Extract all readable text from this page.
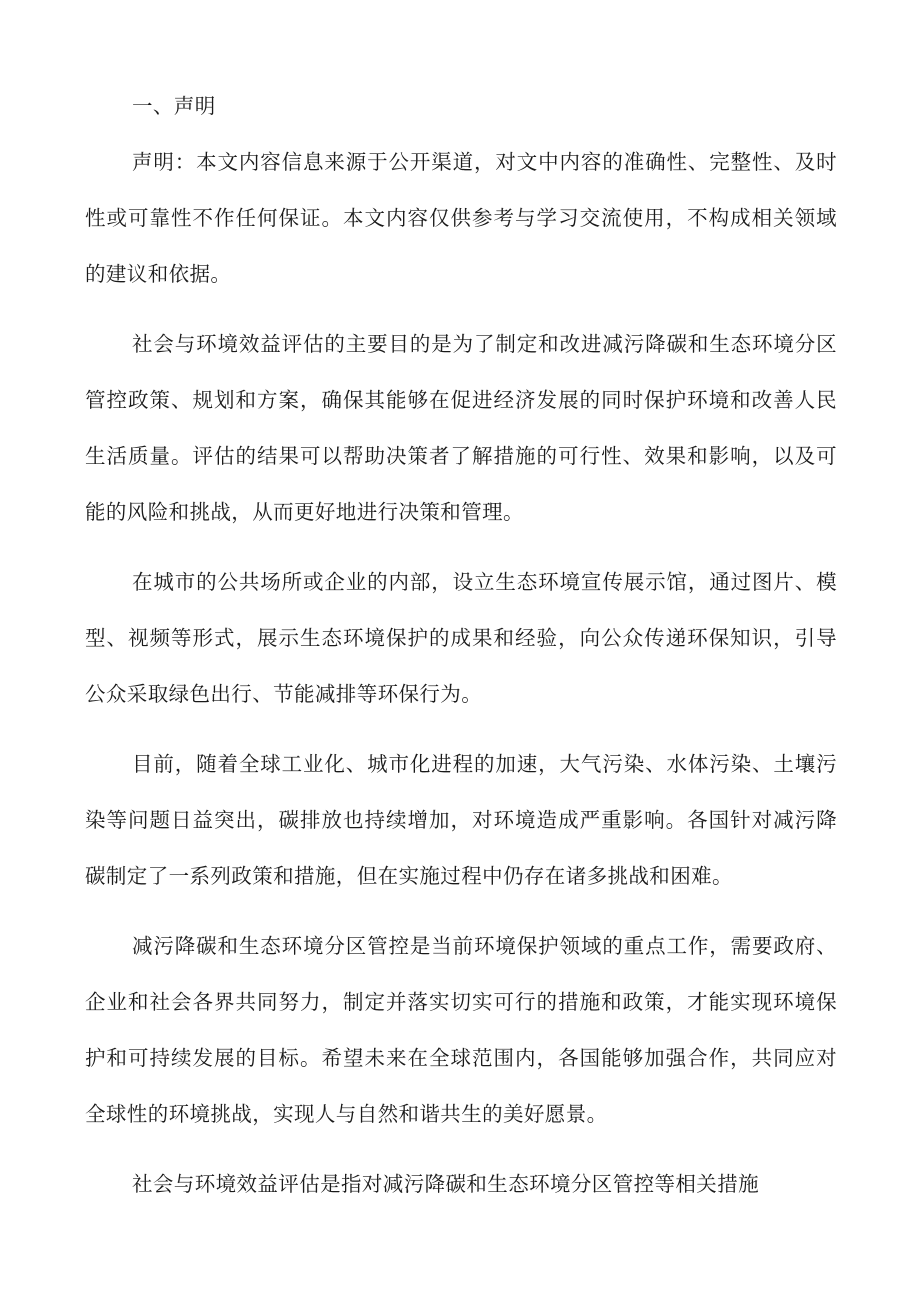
一、声明

声明：本文内容信息来源于公开渠道，对文中内容的准确性、完整性、及时性或可靠性不作任何保证。本文内容仅供参考与学习交流使用，不构成相关领域的建议和依据。

社会与环境效益评估的主要目的是为了制定和改进减污降碳和生态环境分区管控政策、规划和方案，确保其能够在促进经济发展的同时保护环境和改善人民生活质量。评估的结果可以帮助决策者了解措施的可行性、效果和影响，以及可能的风险和挑战，从而更好地进行决策和管理。

在城市的公共场所或企业的内部，设立生态环境宣传展示馆，通过图片、模型、视频等形式，展示生态环境保护的成果和经验，向公众传递环保知识，引导公众采取绿色出行、节能减排等环保行为。

目前，随着全球工业化、城市化进程的加速，大气污染、水体污染、土壤污染等问题日益突出，碳排放也持续增加，对环境造成严重影响。各国针对减污降碳制定了一系列政策和措施，但在实施过程中仍存在诸多挑战和困难。

减污降碳和生态环境分区管控是当前环境保护领域的重点工作，需要政府、企业和社会各界共同努力，制定并落实切实可行的措施和政策，才能实现环境保护和可持续发展的目标。希望未来在全球范围内，各国能够加强合作，共同应对全球性的环境挑战，实现人与自然和谐共生的美好愿景。

社会与环境效益评估是指对减污降碳和生态环境分区管控等相关措施
